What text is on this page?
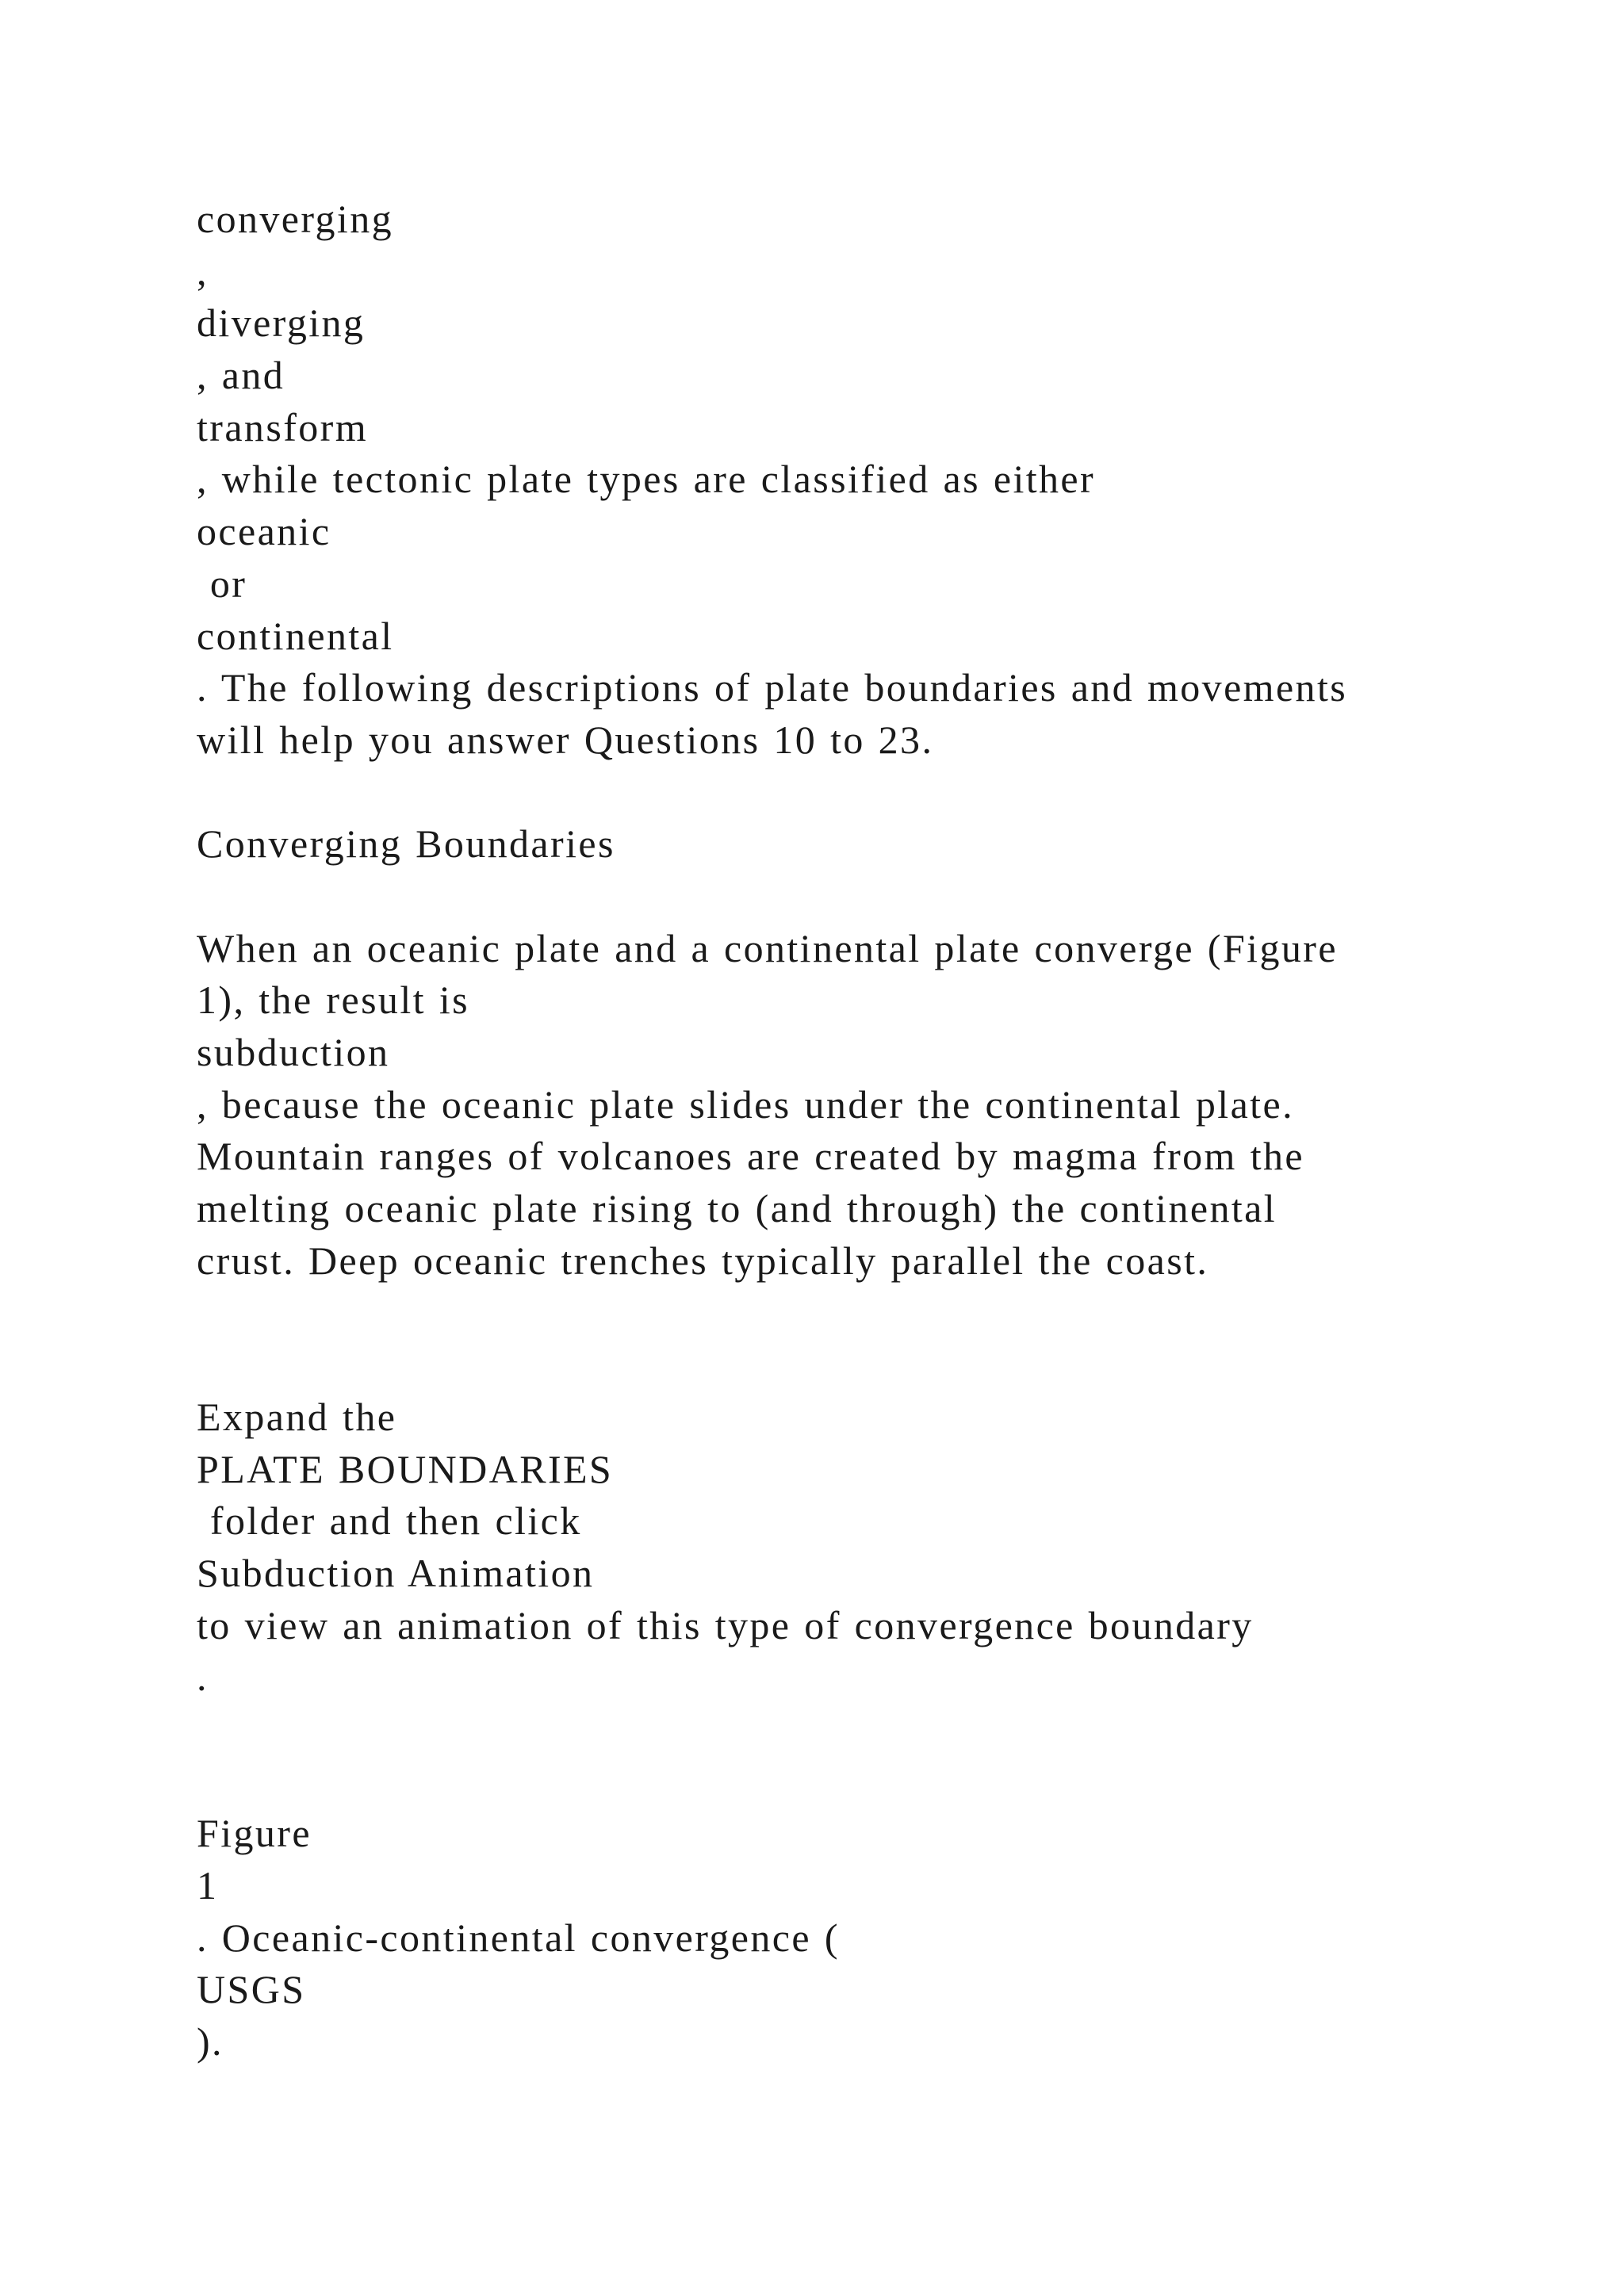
converging
,
diverging
, and
transform
, while tectonic plate types are classified as either
oceanic
or
continental
. The following descriptions of plate boundaries and movements
will help you answer Questions 10 to 23.
Converging Boundaries
When an oceanic plate and a continental plate converge (Figure
1), the result is
subduction
, because the oceanic plate slides under the continental plate.
Mountain ranges of volcanoes are created by magma from the
melting oceanic plate rising to (and through) the continental
crust. Deep oceanic trenches typically parallel the coast.
Expand the
PLATE BOUNDARIES
folder and then click
Subduction Animation
to view an animation of this type of convergence boundary
.
Figure
1
. Oceanic-continental convergence (
USGS
).
